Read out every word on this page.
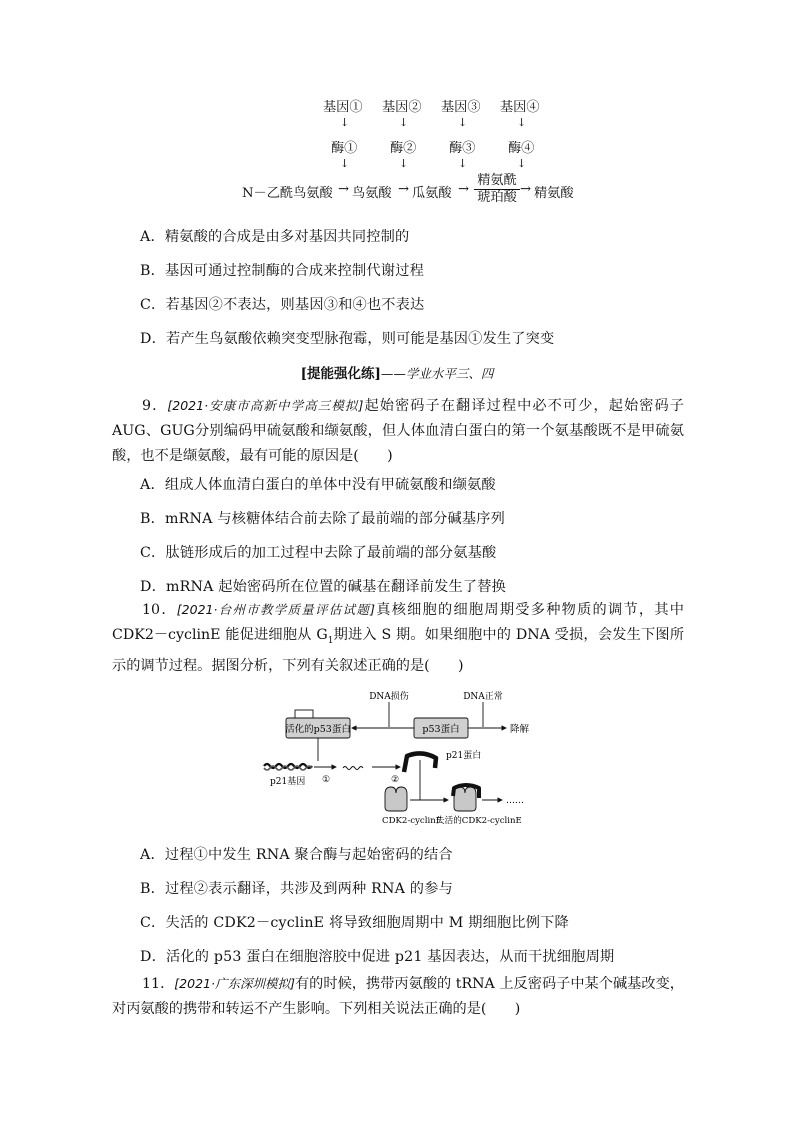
基因① 基因② 基因③ 基因④
↓	↓	↓	↓
酶① 酶② 酶③ 酶④
↓	↓	↓	↓
N－乙酰鸟氨酸 → 鸟氨酸 → 瓜氨酸 →
精氨酰
琥珀酸
→ 精氨酸
A．精氨酸的合成是由多对基因共同控制的
B．基因可通过控制酶的合成来控制代谢过程
C．若基因②不表达，则基因③和④也不表达
D．若产生鸟氨酸依赖突变型脉孢霉，则可能是基因①发生了突变
[提能强化练]——学业水平三、四
9．[2021·安康市高新中学高三模拟]起始密码子在翻译过程中必不可少，起始密码子AUG、GUG分别编码甲硫氨酸和缬氨酸，但人体血清白蛋白的第一个氨基酸既不是甲硫氨酸，也不是缬氨酸，最有可能的原因是(　　)
A．组成人体血清白蛋白的单体中没有甲硫氨酸和缬氨酸
B．mRNA 与核糖体结合前去除了最前端的部分碱基序列
C．肽链形成后的加工过程中去除了最前端的部分氨基酸
D．mRNA 起始密码所在位置的碱基在翻译前发生了替换
10．[2021·台州市教学质量评估试题]真核细胞的细胞周期受多种物质的调节，其中 CDK2－cyclinE 能促进细胞从 $G_1$期进入 S 期。如果细胞中的 DNA 受损，会发生下图所示的调节过程。据图分析，下列有关叙述正确的是(　　)
活化的p53蛋白	p53蛋白
DNA损伤	DNA正常
降解
p21基因 ①	②
p21蛋白
CDK2-cyclinE
……
失活的CDK2-cyclinE
A．过程①中发生 RNA 聚合酶与起始密码的结合
B．过程②表示翻译，共涉及到两种 RNA 的参与
C．失活的 CDK2－cyclinE 将导致细胞周期中 M 期细胞比例下降
D．活化的 p53 蛋白在细胞溶胶中促进 p21 基因表达，从而干扰细胞周期
11．[2021·广东深圳模拟]有的时候，携带丙氨酸的 tRNA 上反密码子中某个碱基改变，对丙氨酸的携带和转运不产生影响。下列相关说法正确的是(　　)
